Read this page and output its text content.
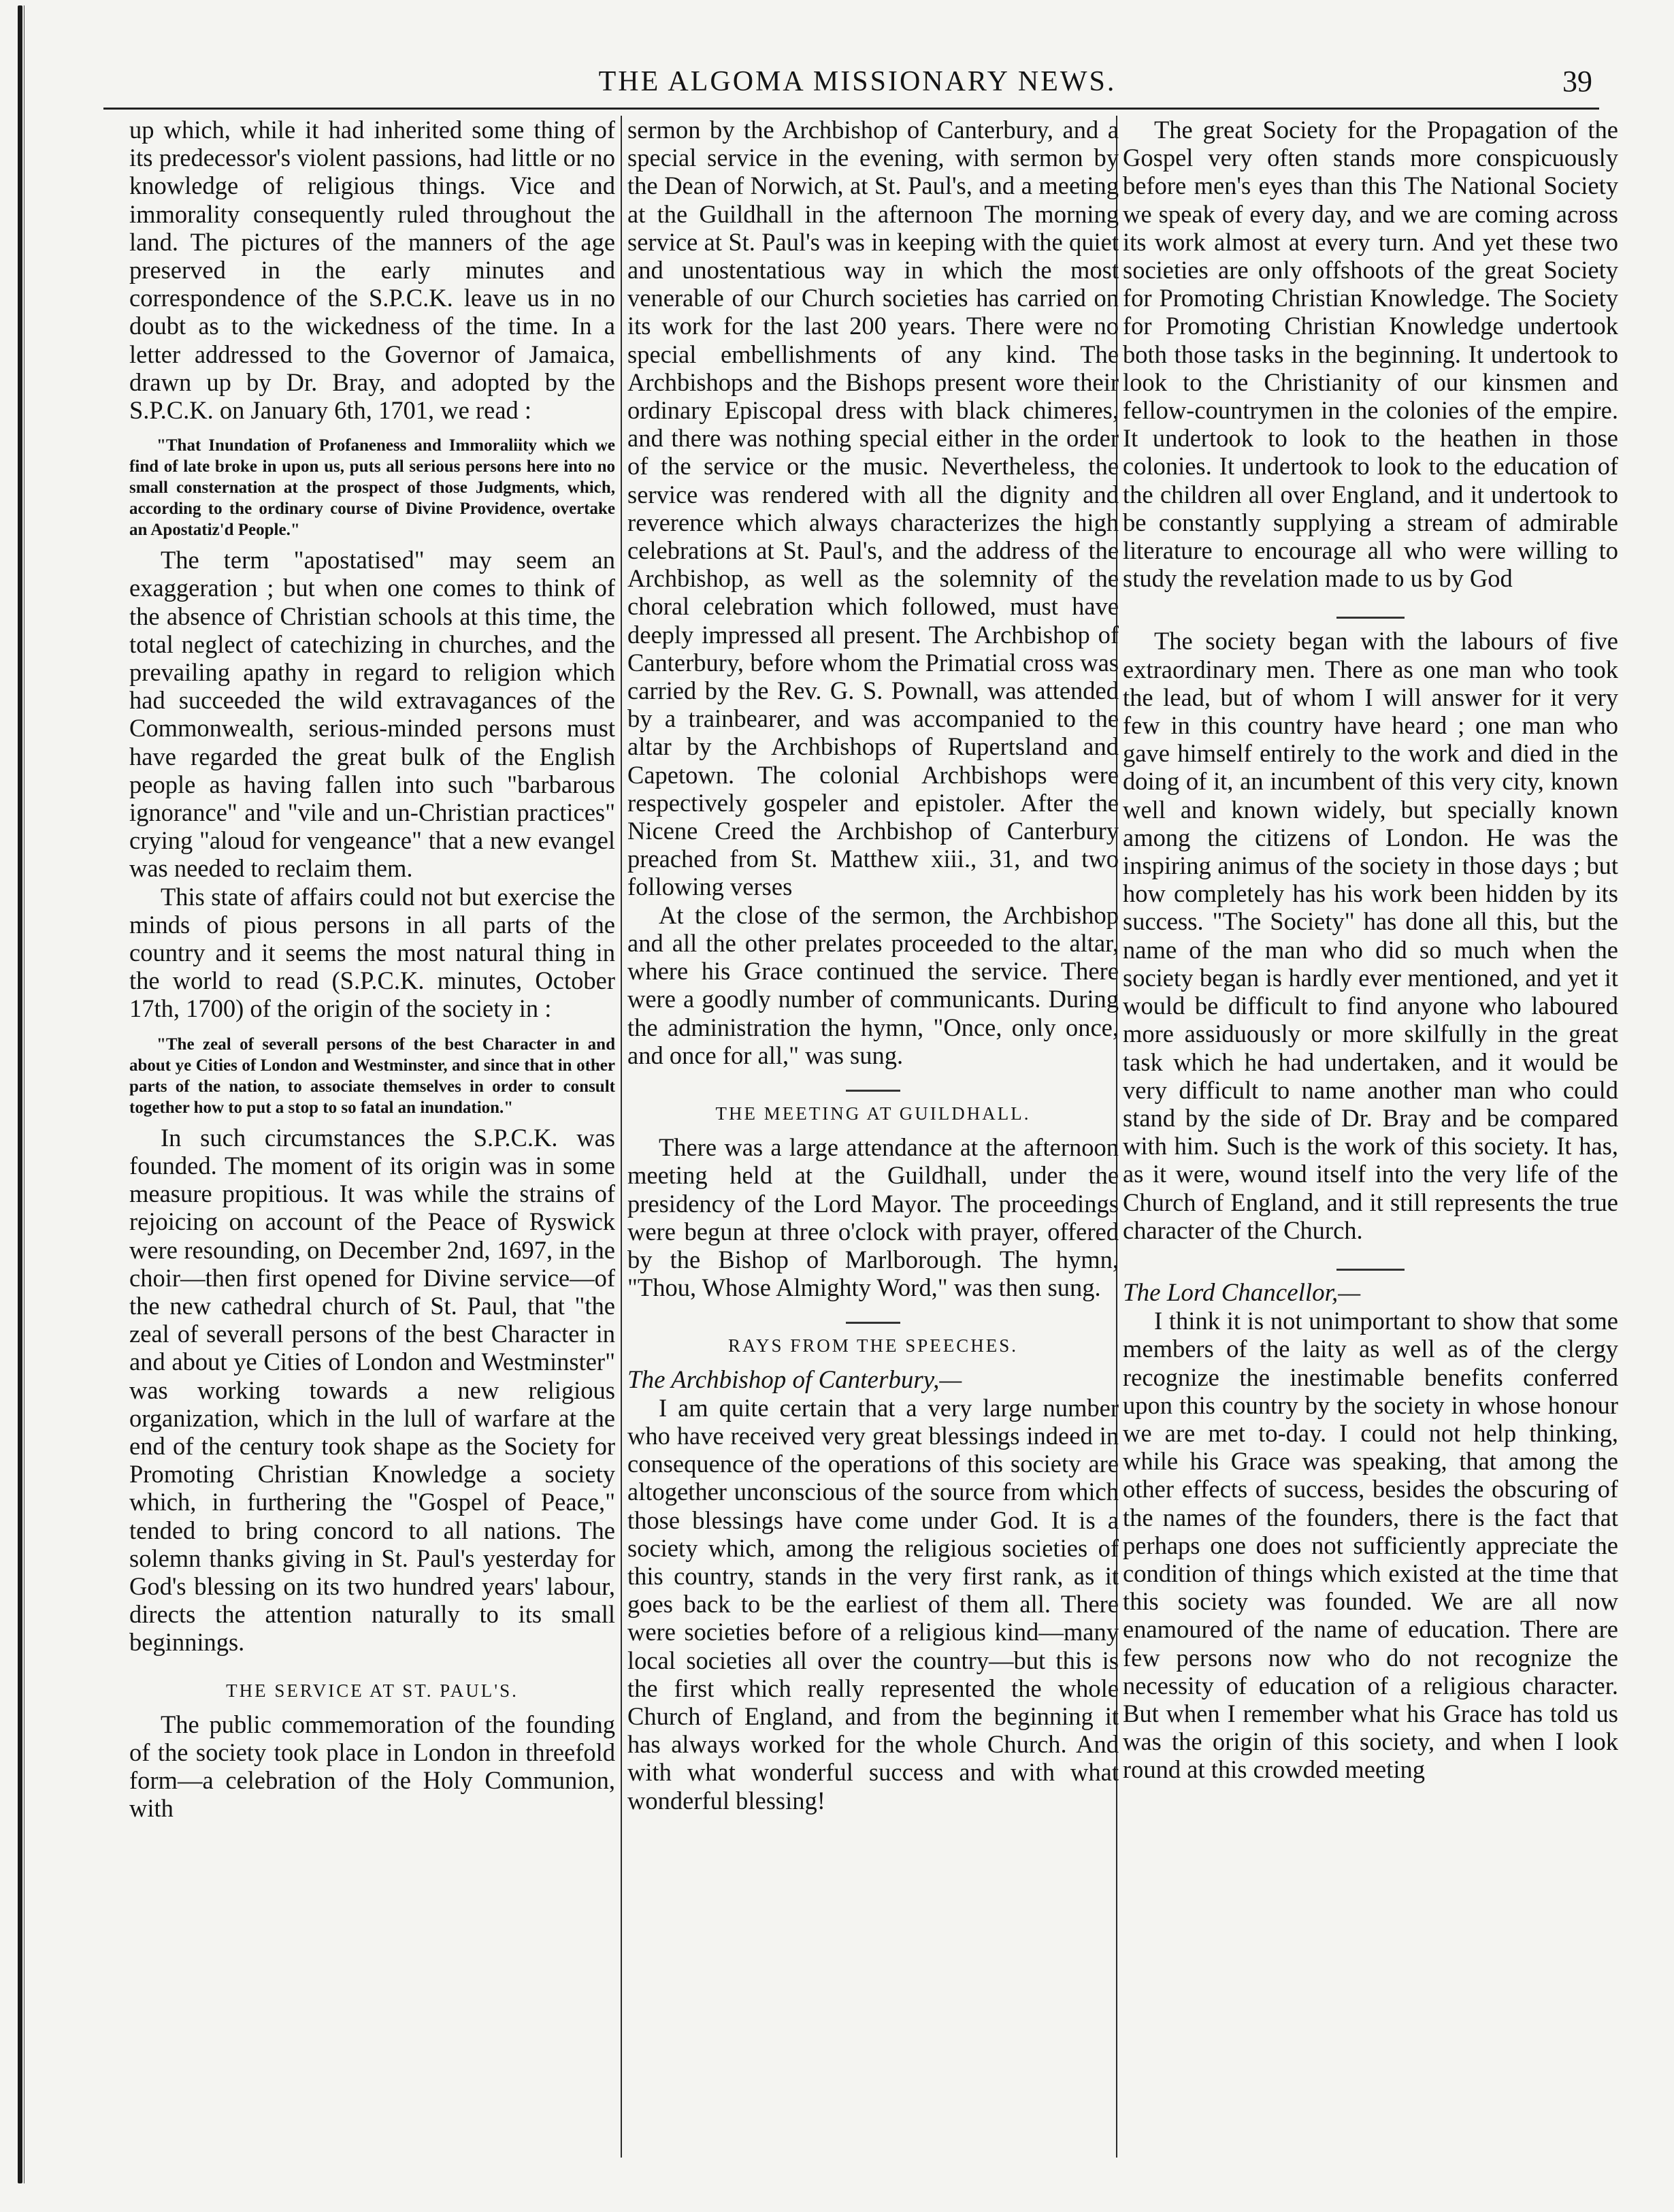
THE ALGOMA MISSIONARY NEWS.	39

up which, while it had inherited some thing of its predecessor's violent passions, had little or no knowledge of religious things. Vice and immorality consequently ruled throughout the land. The pictures of the manners of the age preserved in the early minutes and correspondence of the S.P.C.K. leave us in no doubt as to the wickedness of the time. In a letter addressed to the Governor of Jamaica, drawn up by Dr. Bray, and adopted by the S.P.C.K. on January 6th, 1701, we read :

"That Inundation of Profaneness and Immoraliity which we find of late broke in upon us, puts all serious persons here into no small consternation at the prospect of those Judgments, which, according to the ordinary course of Divine Providence, overtake an Apostatiz'd People."

The term "apostatised" may seem an exaggeration ; but when one comes to think of the absence of Christian schools at this time, the total neglect of catechizing in churches, and the prevailing apathy in regard to religion which had succeeded the wild extravagances of the Commonwealth, serious-minded persons must have regarded the great bulk of the English people as having fallen into such "barbarous ignorance" and "vile and un-Christian practices" crying "aloud for vengeance" that a new evangel was needed to reclaim them.

This state of affairs could not but exercise the minds of pious persons in all parts of the country and it seems the most natural thing in the world to read (S.P.C.K. minutes, October 17th, 1700) of the origin of the society in :

"The zeal of severall persons of the best Character in and about ye Cities of London and Westminster, and since that in other parts of the nation, to associate themselves in order to consult together how to put a stop to so fatal an inundation."

In such circumstances the S.P.C.K. was founded. The moment of its origin was in some measure propitious. It was while the strains of rejoicing on account of the Peace of Ryswick were resounding, on December 2nd, 1697, in the choir—then first opened for Divine service—of the new cathedral church of St. Paul, that "the zeal of severall persons of the best Character in and about ye Cities of London and Westminster" was working towards a new religious organization, which in the lull of warfare at the end of the century took shape as the Society for Promoting Christian Knowledge a society which, in furthering the "Gospel of Peace," tended to bring concord to all nations. The solemn thanks giving in St. Paul's yesterday for God's blessing on its two hundred years' labour, directs the attention naturally to its small beginnings.

THE SERVICE AT ST. PAUL'S.

The public commemoration of the founding of the society took place in London in threefold form—a celebration of the Holy Communion, with

sermon by the Archbishop of Canterbury, and a special service in the evening, with sermon by the Dean of Norwich, at St. Paul's, and a meeting at the Guildhall in the afternoon The morning service at St. Paul's was in keeping with the quiet and unostentatious way in which the most venerable of our Church societies has carried on its work for the last 200 years. There were no special embellishments of any kind. The Archbishops and the Bishops present wore their ordinary Episcopal dress with black chimeres, and there was nothing special either in the order of the service or the music. Nevertheless, the service was rendered with all the dignity and reverence which always characterizes the high celebrations at St. Paul's, and the address of the Archbishop, as well as the solemnity of the choral celebration which followed, must have deeply impressed all present. The Archbishop of Canterbury, before whom the Primatial cross was carried by the Rev. G. S. Pownall, was attended by a trainbearer, and was accompanied to the altar by the Archbishops of Rupertsland and Capetown. The colonial Archbishops were respectively gospeler and epistoler. After the Nicene Creed the Archbishop of Canterbury preached from St. Matthew xiii., 31, and two following verses

At the close of the sermon, the Archbishop and all the other prelates proceeded to the altar, where his Grace continued the service. There were a goodly number of communicants. During the administration the hymn, "Once, only once, and once for all," was sung.

THE MEETING AT GUILDHALL.

There was a large attendance at the afternoon meeting held at the Guildhall, under the presidency of the Lord Mayor. The proceedings were begun at three o'clock with prayer, offered by the Bishop of Marlborough. The hymn, "Thou, Whose Almighty Word," was then sung.

RAYS FROM THE SPEECHES.
The Archbishop of Canterbury,—

I am quite certain that a very large number who have received very great blessings indeed in consequence of the operations of this society are altogether unconscious of the source from which those blessings have come under God. It is a society which, among the religious societies of this country, stands in the very first rank, as it goes back to be the earliest of them all. There were societies before of a religious kind—many local societies all over the country—but this is the first which really represented the whole Church of England, and from the beginning it has always worked for the whole Church. And with what wonderful success and with what wonderful blessing!

The great Society for the Propagation of the Gospel very often stands more conspicuously before men's eyes than this The National Society we speak of every day, and we are coming across its work almost at every turn. And yet these two societies are only offshoots of the great Society for Promoting Christian Knowledge. The Society for Promoting Christian Knowledge undertook both those tasks in the beginning. It undertook to look to the Christianity of our kinsmen and fellow-countrymen in the colonies of the empire. It undertook to look to the heathen in those colonies. It undertook to look to the education of the children all over England, and it undertook to be constantly supplying a stream of admirable literature to encourage all who were willing to study the revelation made to us by God

The society began with the labours of five extraordinary men. There as one man who took the lead, but of whom I will answer for it very few in this country have heard ; one man who gave himself entirely to the work and died in the doing of it, an incumbent of this very city, known well and known widely, but specially known among the citizens of London. He was the inspiring animus of the society in those days ; but how completely has his work been hidden by its success. "The Society" has done all this, but the name of the man who did so much when the society began is hardly ever mentioned, and yet it would be difficult to find anyone who laboured more assiduously or more skilfully in the great task which he had undertaken, and it would be very difficult to name another man who could stand by the side of Dr. Bray and be compared with him. Such is the work of this society. It has, as it were, wound itself into the very life of the Church of England, and it still represents the true character of the Church.

The Lord Chancellor,—

I think it is not unimportant to show that some members of the laity as well as of the clergy recognize the inestimable benefits conferred upon this country by the society in whose honour we are met to-day. I could not help thinking, while his Grace was speaking, that among the other effects of success, besides the obscuring of the names of the founders, there is the fact that perhaps one does not sufficiently appreciate the condition of things which existed at the time that this society was founded. We are all now enamoured of the name of education. There are few persons now who do not recognize the necessity of education of a religious character. But when I remember what his Grace has told us was the origin of this society, and when I look round at this crowded meeting
